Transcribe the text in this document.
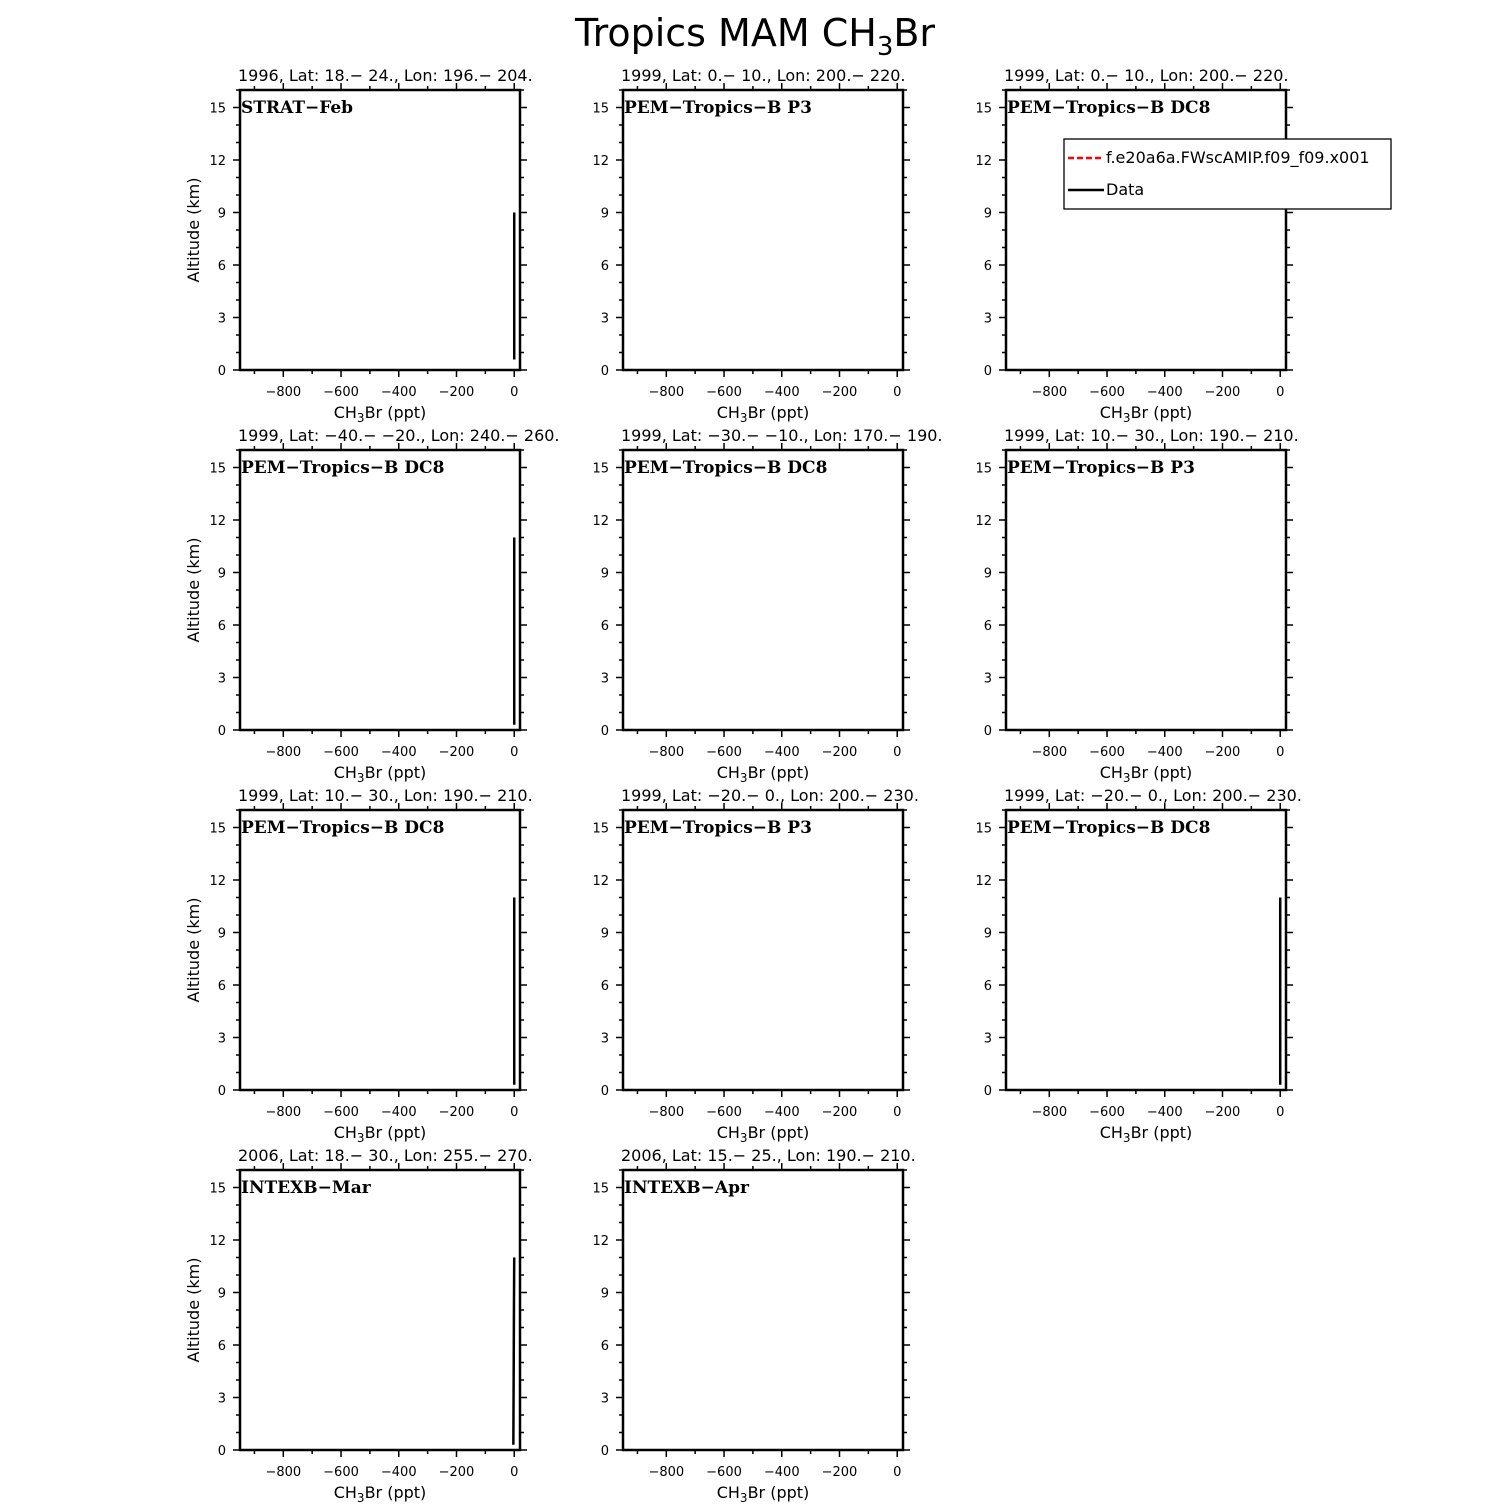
Tropics MAM $CH_3Br$
1996, Lat: 18.− 24., Lon: 196.− 204.
STRAT−Feb
−800 −600 −400 −200	0
0
3
6
9
12
15
$CH_3Br$ (ppt)
Altitude (km)
1999, Lat: 0.− 10., Lon: 200.− 220.
PEM−Tropics−B P3
−800 −600 −400 −200	0
0
3
6
9
12
15
$CH_3Br$ (ppt)
1999, Lat: 0.− 10., Lon: 200.− 220.
PEM−Tropics−B DC8
−800 −600 −400 −200	0
0
3
6
9
12
15
$CH_3Br$ (ppt)
1999, Lat: −40.− −20., Lon: 240.− 260.
PEM−Tropics−B DC8
−800 −600 −400 −200	0
0
3
6
9
12
15
$CH_3Br$ (ppt)
Altitude (km)
1999, Lat: −30.− −10., Lon: 170.− 190.
PEM−Tropics−B DC8
−800 −600 −400 −200	0
0
3
6
9
12
15
$CH_3Br$ (ppt)
1999, Lat: 10.− 30., Lon: 190.− 210.
PEM−Tropics−B P3
−800 −600 −400 −200	0
0
3
6
9
12
15
$CH_3Br$ (ppt)
1999, Lat: 10.− 30., Lon: 190.− 210.
PEM−Tropics−B DC8
−800 −600 −400 −200	0
0
3
6
9
12
15
$CH_3Br$ (ppt)
Altitude (km)
1999, Lat: −20.− 0., Lon: 200.− 230.
PEM−Tropics−B P3
−800 −600 −400 −200	0
0
3
6
9
12
15
$CH_3Br$ (ppt)
1999, Lat: −20.− 0., Lon: 200.− 230.
PEM−Tropics−B DC8
−800 −600 −400 −200	0
0
3
6
9
12
15
$CH_3Br$ (ppt)
2006, Lat: 18.− 30., Lon: 255.− 270.
INTEXB−Mar
−800 −600 −400 −200	0
0
3
6
9
12
15
$CH_3Br$ (ppt)
Altitude (km)
2006, Lat: 15.− 25., Lon: 190.− 210.
INTEXB−Apr
−800 −600 −400 −200	0
0
3
6
9
12
15
$CH_3Br$ (ppt)
f.e20a6a.FWscAMIP.f09_f09.x001
Data
